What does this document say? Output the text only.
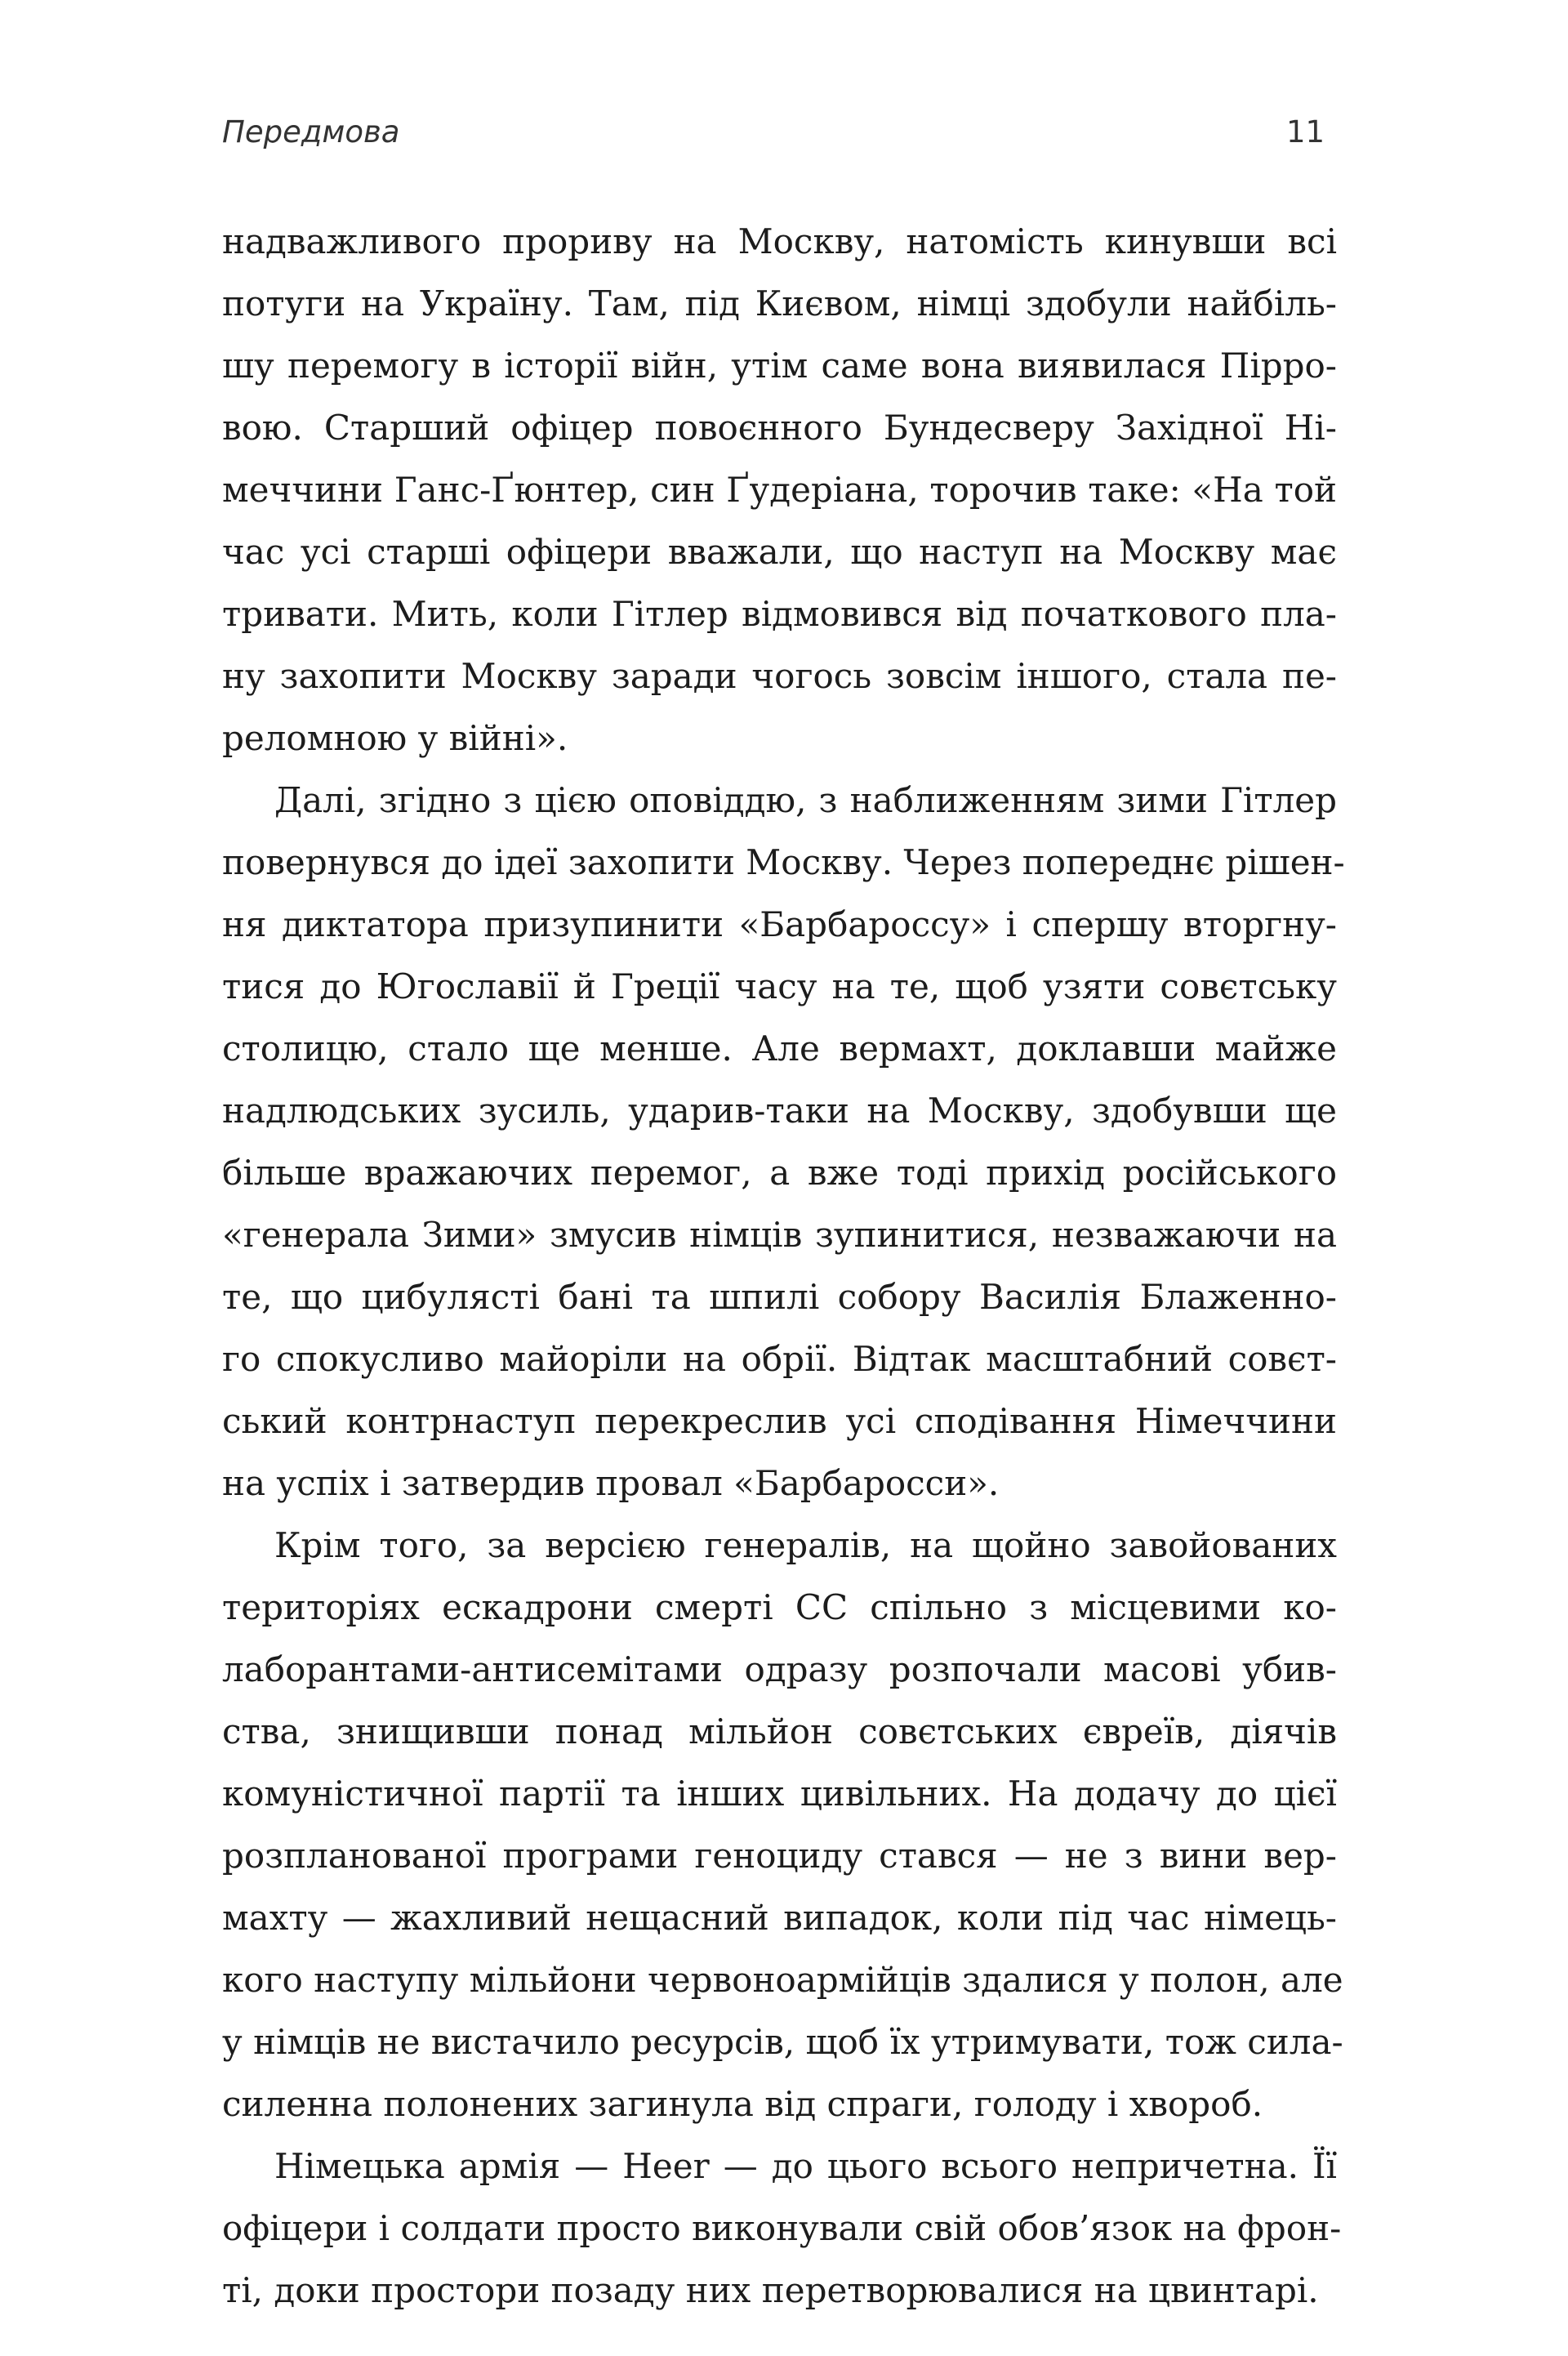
Передмова	11
надважливого прориву на Москву, натомість кинувши всі
потуги на Україну. Там, під Києвом, німці здобули найбіль-
шу перемогу в історії війн, утім саме вона виявилася Пірро-
вою. Старший офіцер повоєнного Бундесверу Західної Ні-
меччини Ганс-Ґюнтер, син Ґудеріана, торочив таке: «На той
час усі старші офіцери вважали, що наступ на Москву має
тривати. Мить, коли Гітлер відмовився від початкового пла-
ну захопити Москву заради чогось зовсім іншого, стала пе-
реломною у війні».
Далі, згідно з цією оповіддю, з наближенням зими Гітлер
повернувся до ідеї захопити Москву. Через попереднє рішен-
ня диктатора призупинити «Барбароссу» і спершу вторгну-
тися до Югославії й Греції часу на те, щоб узяти совєтську
столицю, стало ще менше. Але вермахт, доклавши майже
надлюдських зусиль, ударив-таки на Москву, здобувши ще
більше вражаючих перемог, а вже тоді прихід російського
«генерала Зими» змусив німців зупинитися, незважаючи на
те, що цибулясті бані та шпилі собору Василія Блаженно-
го спокусливо майоріли на обрії. Відтак масштабний совєт-
ський контрнаступ перекреслив усі сподівання Німеччини
на успіх і затвердив провал «Барбаросси».
Крім того, за версією генералів, на щойно завойованих
територіях ескадрони смерті СС спільно з місцевими ко-
лаборантами-антисемітами одразу розпочали масові убив-
ства, знищивши понад мільйон совєтських євреїв, діячів
комуністичної партії та інших цивільних. На додачу до цієї
розпланованої програми геноциду стався — не з вини вер-
махту — жахливий нещасний випадок, коли під час німець-
кого наступу мільйони червоноармійців здалися у полон, але
у німців не вистачило ресурсів, щоб їх утримувати, тож сила-
силенна полонених загинула від спраги, голоду і хвороб.
Німецька армія — Heer — до цього всього непричетна. Її
офіцери і солдати просто виконували свій обов’язок на фрон-
ті, доки простори позаду них перетворювалися на цвинтарі.
